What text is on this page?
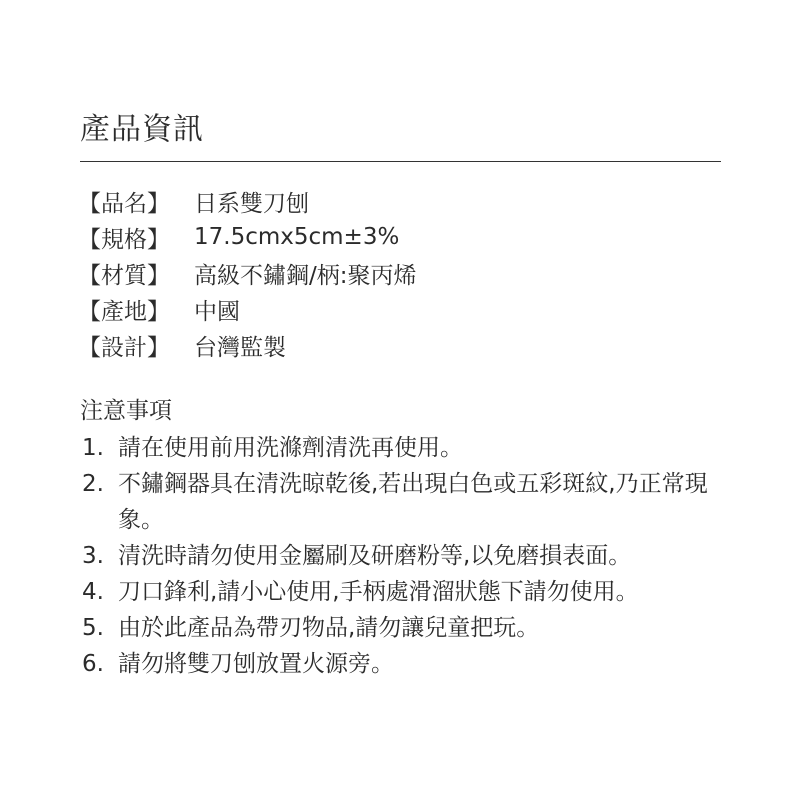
產品資訊
【品名】	日系雙刀刨
【規格】	17.5cmx5cm±3%
【材質】	高級不鏽鋼/柄:聚丙烯
【產地】	中國
【設計】	台灣監製
注意事項
1. 請在使用前用洗滌劑清洗再使用。
2. 不鏽鋼器具在清洗晾乾後,若出現白色或五彩斑紋,乃正常現象。
3. 清洗時請勿使用金屬刷及研磨粉等,以免磨損表面。
4. 刀口鋒利,請小心使用,手柄處滑溜狀態下請勿使用。
5. 由於此產品為帶刃物品,請勿讓兒童把玩。
6. 請勿將雙刀刨放置火源旁。
